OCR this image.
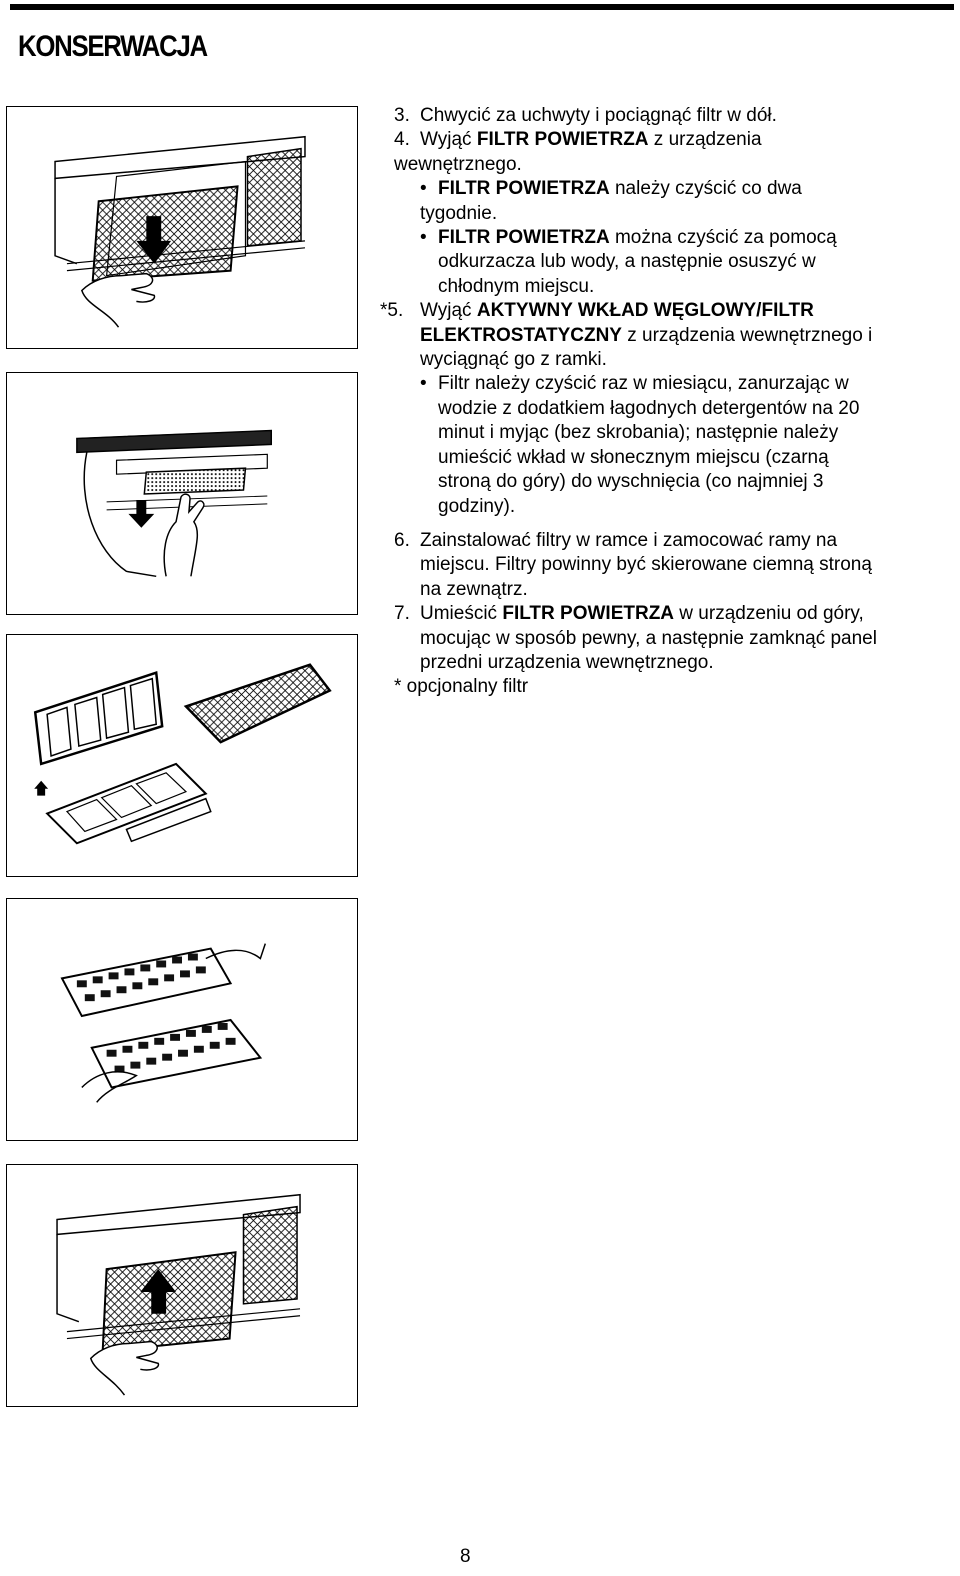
KONSERWACJA

3. Chwycić za uchwyty i pociągnąć filtr w dół.

4. Wyjąć FILTR POWIETRZA z urządzenia

wewnętrznego.

• FILTR POWIETRZA należy czyścić co dwa

tygodnie.

• FILTR POWIETRZA można czyścić za pomocą

odkurzacza lub wody, a następnie osuszyć w

chłodnym miejscu.

*5. Wyjąć AKTYWNY WKŁAD WĘGLOWY/FILTR

ELEKTROSTATYCZNY z urządzenia wewnętrznego i

wyciągnąć go z ramki.

• Filtr należy czyścić raz w miesiącu, zanurzając w

wodzie z dodatkiem łagodnych detergentów na 20

minut i myjąc (bez skrobania); następnie należy

umieścić wkład w słonecznym miejscu (czarną

stroną do góry) do wyschnięcia (co najmniej 3

godziny).

6. Zainstalować filtry w ramce i zamocować ramy na

miejscu. Filtry powinny być skierowane ciemną stroną

na zewnątrz.

7. Umieścić FILTR POWIETRZA w urządzeniu od góry,

mocując w sposób pewny, a następnie zamknąć panel

przedni urządzenia wewnętrznego.

* opcjonalny filtr

8
